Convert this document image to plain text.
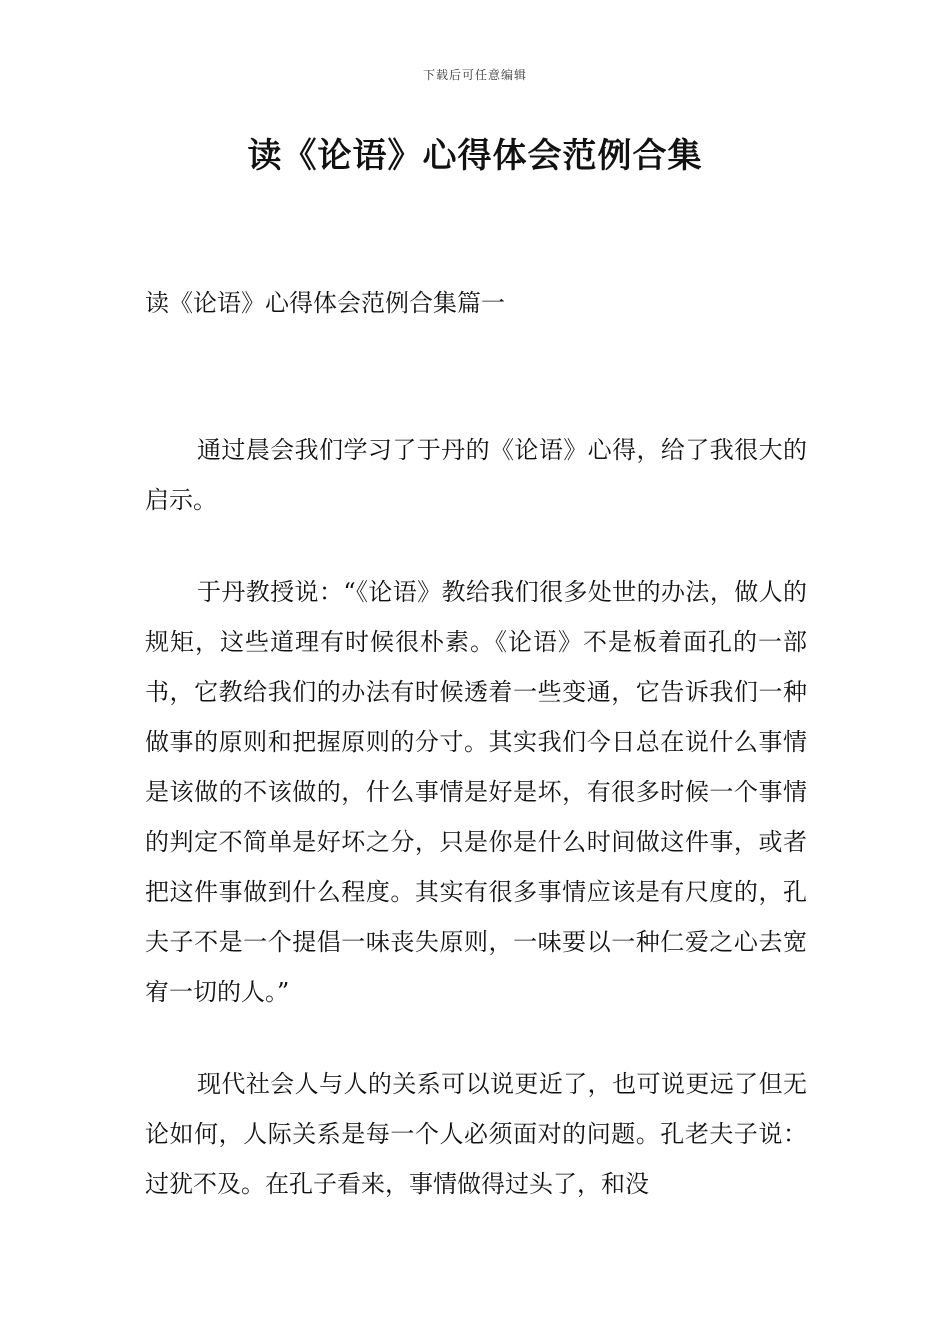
下载后可任意编辑
读《论语》心得体会范例合集
读《论语》心得体会范例合集篇一

通过晨会我们学习了于丹的《论语》心得，给了我很大的启示。

于丹教授说：“《论语》教给我们很多处世的办法，做人的规矩，这些道理有时候很朴素。《论语》不是板着面孔的一部书，它教给我们的办法有时候透着一些变通，它告诉我们一种做事的原则和把握原则的分寸。其实我们今日总在说什么事情是该做的不该做的，什么事情是好是坏，有很多时候一个事情的判定不简单是好坏之分，只是你是什么时间做这件事，或者把这件事做到什么程度。其实有很多事情应该是有尺度的，孔夫子不是一个提倡一味丧失原则，一味要以一种仁爱之心去宽宥一切的人。”

现代社会人与人的关系可以说更近了，也可说更远了但无论如何，人际关系是每一个人必须面对的问题。孔老夫子说：过犹不及。在孔子看来，事情做得过头了，和没
